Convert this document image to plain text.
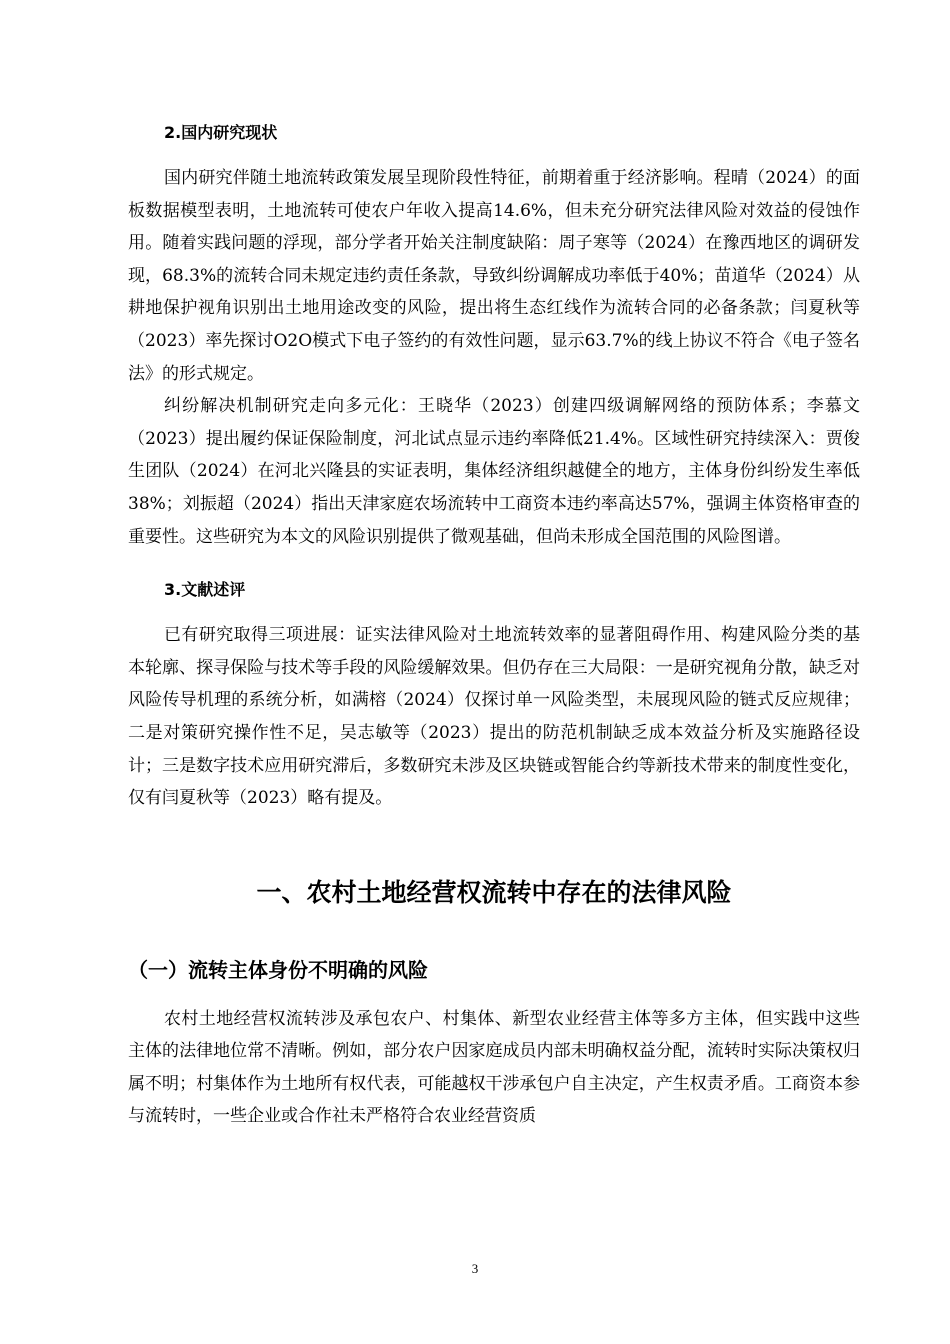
2.国内研究现状

国内研究伴随土地流转政策发展呈现阶段性特征，前期着重于经济影响。程晴（2024）的面板数据模型表明，土地流转可使农户年收入提高14.6%，但未充分研究法律风险对效益的侵蚀作用。随着实践问题的浮现，部分学者开始关注制度缺陷：周子寒等（2024）在豫西地区的调研发现，68.3%的流转合同未规定违约责任条款，导致纠纷调解成功率低于40%；苗道华（2024）从耕地保护视角识别出土地用途改变的风险，提出将生态红线作为流转合同的必备条款；闫夏秋等（2023）率先探讨O2O模式下电子签约的有效性问题，显示63.7%的线上协议不符合《电子签名法》的形式规定。

纠纷解决机制研究走向多元化：王晓华（2023）创建四级调解网络的预防体系；李慕文（2023）提出履约保证保险制度，河北试点显示违约率降低21.4%。区域性研究持续深入：贾俊生团队（2024）在河北兴隆县的实证表明，集体经济组织越健全的地方，主体身份纠纷发生率低38%；刘振超（2024）指出天津家庭农场流转中工商资本违约率高达57%，强调主体资格审查的重要性。这些研究为本文的风险识别提供了微观基础，但尚未形成全国范围的风险图谱。

3.文献述评

已有研究取得三项进展：证实法律风险对土地流转效率的显著阻碍作用、构建风险分类的基本轮廓、探寻保险与技术等手段的风险缓解效果。但仍存在三大局限：一是研究视角分散，缺乏对风险传导机理的系统分析，如满榕（2024）仅探讨单一风险类型，未展现风险的链式反应规律；二是对策研究操作性不足，吴志敏等（2023）提出的防范机制缺乏成本效益分析及实施路径设计；三是数字技术应用研究滞后，多数研究未涉及区块链或智能合约等新技术带来的制度性变化，仅有闫夏秋等（2023）略有提及。

一、农村土地经营权流转中存在的法律风险
（一）流转主体身份不明确的风险

农村土地经营权流转涉及承包农户、村集体、新型农业经营主体等多方主体，但实践中这些主体的法律地位常不清晰。例如，部分农户因家庭成员内部未明确权益分配，流转时实际决策权归属不明；村集体作为土地所有权代表，可能越权干涉承包户自主决定，产生权责矛盾。工商资本参与流转时，一些企业或合作社未严格符合农业经营资质

3
